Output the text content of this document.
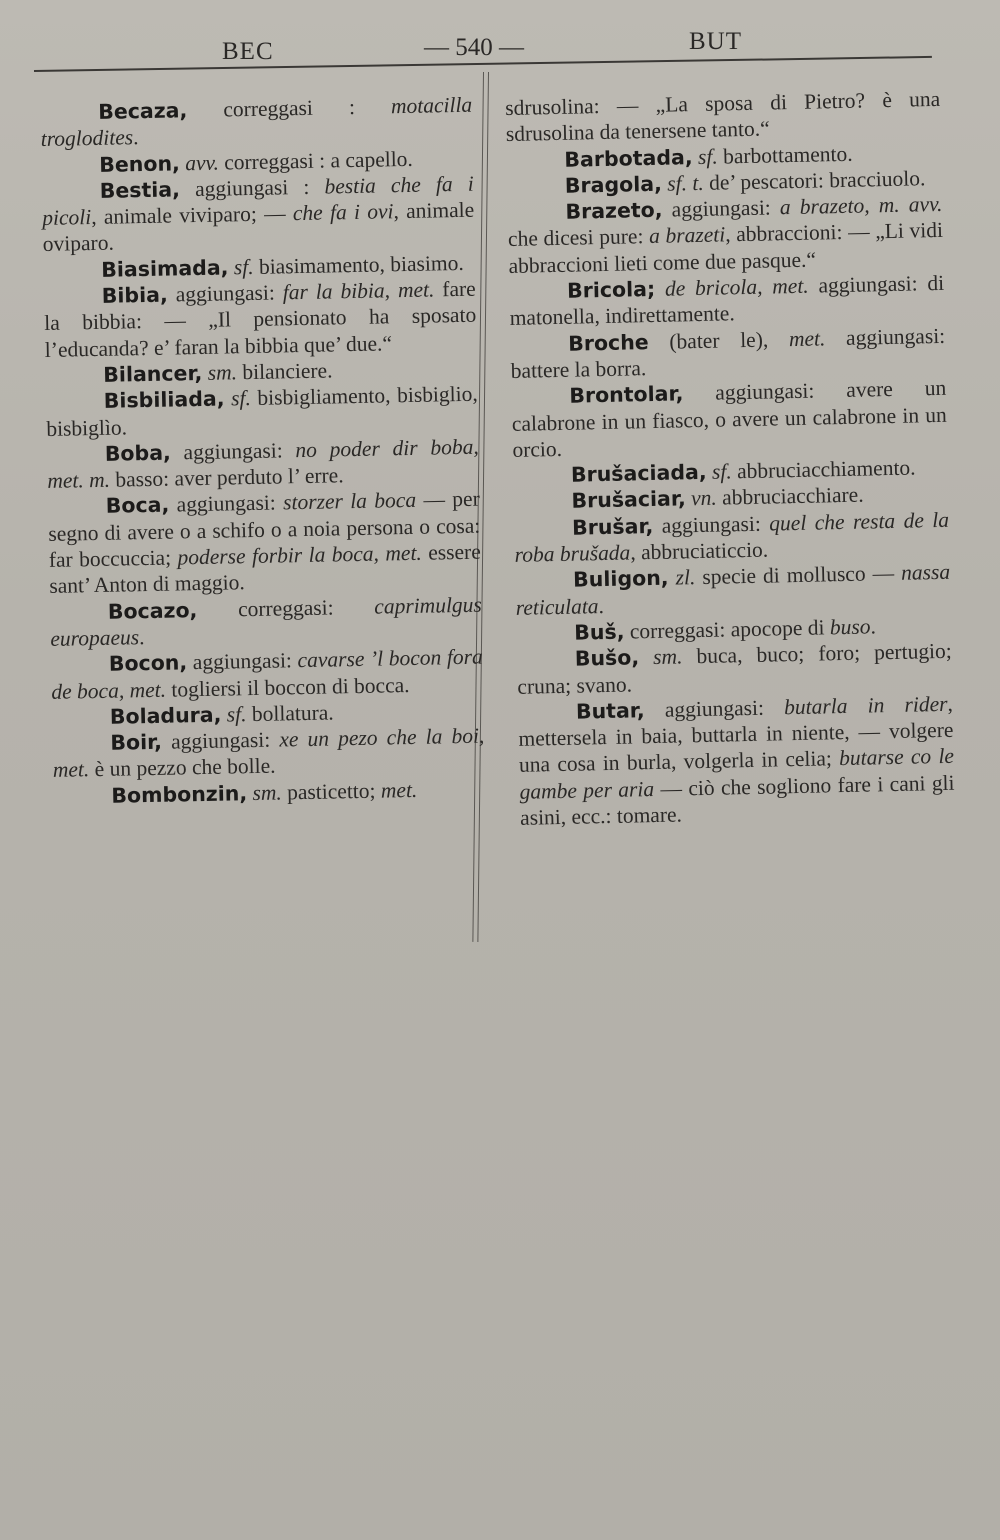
BEC	— 540 —	BUT

Becaza, correggasi : motacilla troglodites.

Benon, avv. correggasi : a capello.

Bestia, aggiungasi : bestia che fa i picoli, animale viviparo; — che fa i ovi, animale oviparo.

Biasimada, sf. biasimamento, biasimo.

Bibia, aggiungasi: far la bibia, met. fare la bibbia: — „Il pensionato ha sposato l’educanda? e’ faran la bibbia que’ due.“

Bilancer, sm. bilanciere.

Bisbiliada, sf. bisbigliamento, bisbiglio, bisbiglìo.

Boba, aggiungasi: no poder dir boba, met. m. basso: aver perduto l’ erre.

Boca, aggiungasi: storzer la boca — per segno di avere o a schifo o a noia persona o cosa: far boccuccia; poderse forbir la boca, met. essere sant’ Anton di maggio.

Bocazo, correggasi: caprimulgus europaeus.

Bocon, aggiungasi: cavarse ’l bocon fora de boca, met. togliersi il boccon di bocca.

Boladura, sf. bollatura.

Boir, aggiungasi: xe un pezo che la boi, met. è un pezzo che bolle.

Bombonzin, sm. pasticetto; met.

sdrusolina: — „La sposa di Pietro? è una sdrusolina da tenersene tanto.“

Barbotada, sf. barbottamento.

Bragola, sf. t. de’ pescatori: bracciuolo.

Brazeto, aggiungasi: a brazeto, m. avv. che dicesi pure: a brazeti, abbraccioni: — „Li vidi abbraccioni lieti come due pasque.“

Bricola; de bricola, met. aggiungasi: di matonella, indirettamente.

Broche (bater le), met. aggiungasi: battere la borra.

Brontolar, aggiungasi: avere un calabrone in un fiasco, o avere un calabrone in un orcio.

Brušaciada, sf. abbruciacchiamento.

Brušaciar, vn. abbruciacchiare.

Brušar, aggiungasi: quel che resta de la roba brušada, abbruciaticcio.

Buligon, zl. specie di mollusco — nassa reticulata.

Buš, correggasi: apocope di buso.

Bušo, sm. buca, buco; foro; pertugio; cruna; svano.

Butar, aggiungasi: butarla in rider, mettersela in baia, buttarla in niente, — volgere una cosa in burla, volgerla in celia; butarse co le gambe per aria — ciò che sogliono fare i cani gli asini, ecc.: tomare.
